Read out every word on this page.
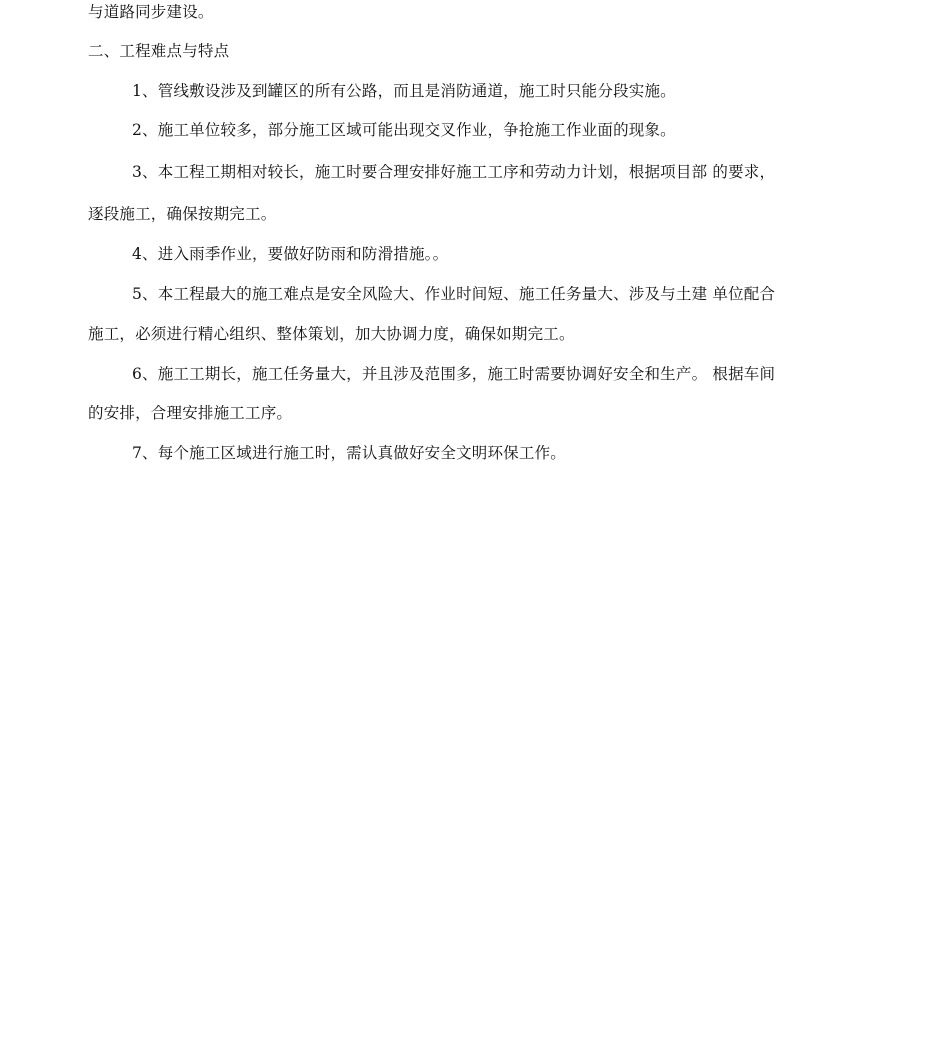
与道路同步建设。
二、工程难点与特点
1、管线敷设涉及到罐区的所有公路，而且是消防通道，施工时只能分段实施。
2、施工单位较多，部分施工区域可能出现交叉作业，争抢施工作业面的现象。
3、本工程工期相对较长，施工时要合理安排好施工工序和劳动力计划，根据项目部 的要求，
逐段施工，确保按期完工。
4、进入雨季作业，要做好防雨和防滑措施。。
5、本工程最大的施工难点是安全风险大、作业时间短、施工任务量大、涉及与土建 单位配合
施工，必须进行精心组织、整体策划，加大协调力度，确保如期完工。
6、施工工期长，施工任务量大，并且涉及范围多，施工时需要协调好安全和生产。 根据车间
的安排，合理安排施工工序。
7、每个施工区域进行施工时，需认真做好安全文明环保工作。
